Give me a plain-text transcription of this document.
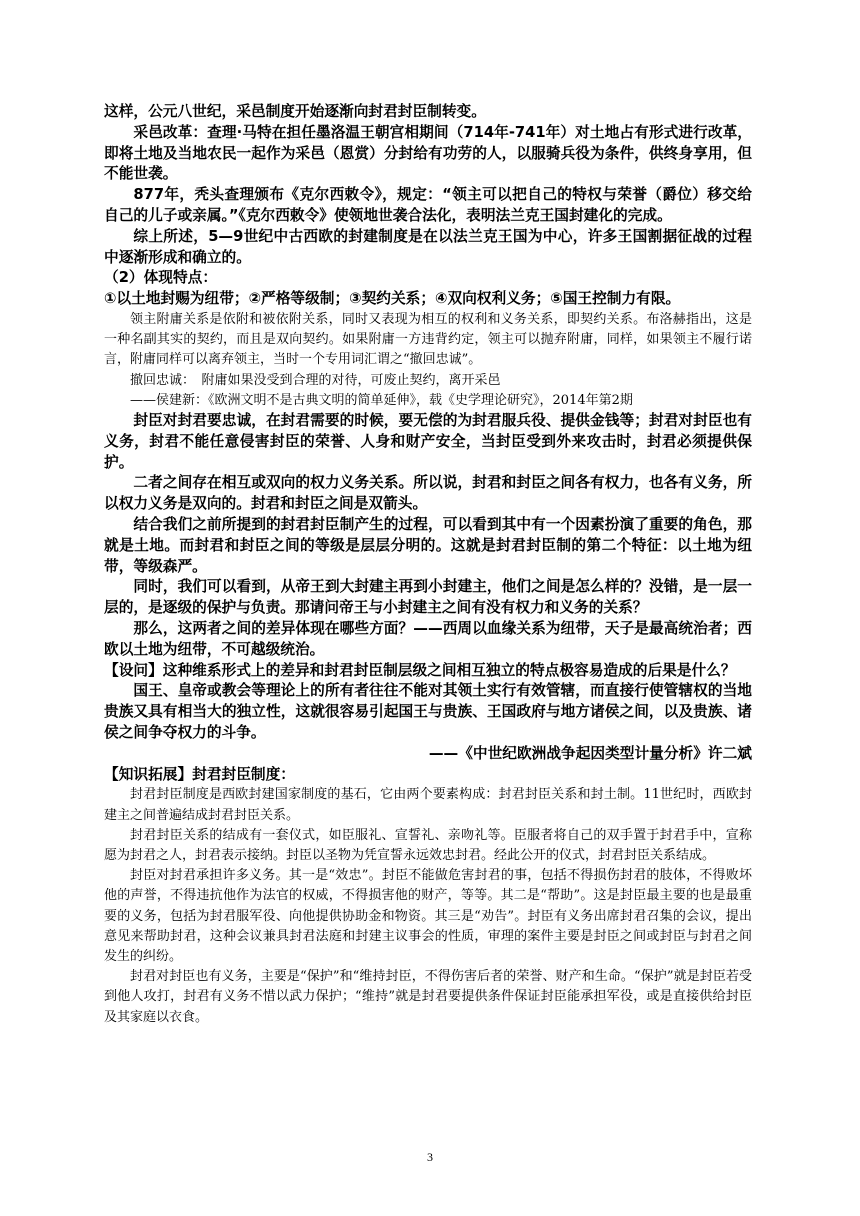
这样，公元八世纪，采邑制度开始逐渐向封君封臣制转变。

采邑改革：查理·马特在担任墨洛温王朝宫相期间（714年-741年）对土地占有形式进行改革，即将土地及当地农民一起作为采邑（恩赏）分封给有功劳的人，以服骑兵役为条件，供终身享用，但不能世袭。

877年，秃头查理颁布《克尔西敕令》，规定：“领主可以把自己的特权与荣誉（爵位）移交给自己的儿子或亲属。”《克尔西敕令》使领地世袭合法化，表明法兰克王国封建化的完成。

综上所述，5—9世纪中古西欧的封建制度是在以法兰克王国为中心，许多王国割据征战的过程中逐渐形成和确立的。

（2）体现特点：

①以土地封赐为纽带；②严格等级制；③契约关系；④双向权利义务；⑤国王控制力有限。

领主附庸关系是依附和被依附关系，同时又表现为相互的权利和义务关系，即契约关系。布洛赫指出，这是一种名副其实的契约，而且是双向契约。如果附庸一方违背约定，领主可以抛弃附庸，同样，如果领主不履行诺言，附庸同样可以离弃领主，当时一个专用词汇谓之“撤回忠诚”。

撤回忠诚：　附庸如果没受到合理的对待，可废止契约，离开采邑

——侯建新：《欧洲文明不是古典文明的简单延伸》，载《史学理论研究》，2014年第2期

封臣对封君要忠诚，在封君需要的时候，要无偿的为封君服兵役、提供金钱等；封君对封臣也有义务，封君不能任意侵害封臣的荣誉、人身和财产安全，当封臣受到外来攻击时，封君必须提供保护。

二者之间存在相互或双向的权力义务关系。所以说，封君和封臣之间各有权力，也各有义务，所以权力义务是双向的。封君和封臣之间是双箭头。

结合我们之前所提到的封君封臣制产生的过程，可以看到其中有一个因素扮演了重要的角色，那就是土地。而封君和封臣之间的等级是层层分明的。这就是封君封臣制的第二个特征：以土地为纽带，等级森严。

同时，我们可以看到，从帝王到大封建主再到小封建主，他们之间是怎么样的？没错，是一层一层的，是逐级的保护与负责。那请问帝王与小封建主之间有没有权力和义务的关系？

那么，这两者之间的差异体现在哪些方面？——西周以血缘关系为纽带，天子是最高统治者；西欧以土地为纽带，不可越级统治。

【设问】这种维系形式上的差异和封君封臣制层级之间相互独立的特点极容易造成的后果是什么？

国王、皇帝或教会等理论上的所有者往往不能对其领土实行有效管辖，而直接行使管辖权的当地贵族又具有相当大的独立性，这就很容易引起国王与贵族、王国政府与地方诸侯之间，以及贵族、诸侯之间争夺权力的斗争。

——《中世纪欧洲战争起因类型计量分析》许二斌

【知识拓展】封君封臣制度：

封君封臣制度是西欧封建国家制度的基石，它由两个要素构成：封君封臣关系和封土制。11世纪时，西欧封建主之间普遍结成封君封臣关系。

封君封臣关系的结成有一套仪式，如臣服礼、宣誓礼、亲吻礼等。臣服者将自己的双手置于封君手中，宣称愿为封君之人，封君表示接纳。封臣以圣物为凭宣誓永远效忠封君。经此公开的仪式，封君封臣关系结成。

封臣对封君承担许多义务。其一是“效忠”。封臣不能做危害封君的事，包括不得损伤封君的肢体，不得败坏他的声誉，不得违抗他作为法官的权威，不得损害他的财产，等等。其二是“帮助”。这是封臣最主要的也是最重要的义务，包括为封君服军役、向他提供协助金和物资。其三是“劝告”。封臣有义务出席封君召集的会议，提出意见来帮助封君，这种会议兼具封君法庭和封建主议事会的性质，审理的案件主要是封臣之间或封臣与封君之间发生的纠纷。

封君对封臣也有义务，主要是“保护”和“维持封臣，不得伤害后者的荣誉、财产和生命。“保护”就是封臣若受到他人攻打，封君有义务不惜以武力保护；“维持”就是封君要提供条件保证封臣能承担军役，或是直接供给封臣及其家庭以衣食。

3
